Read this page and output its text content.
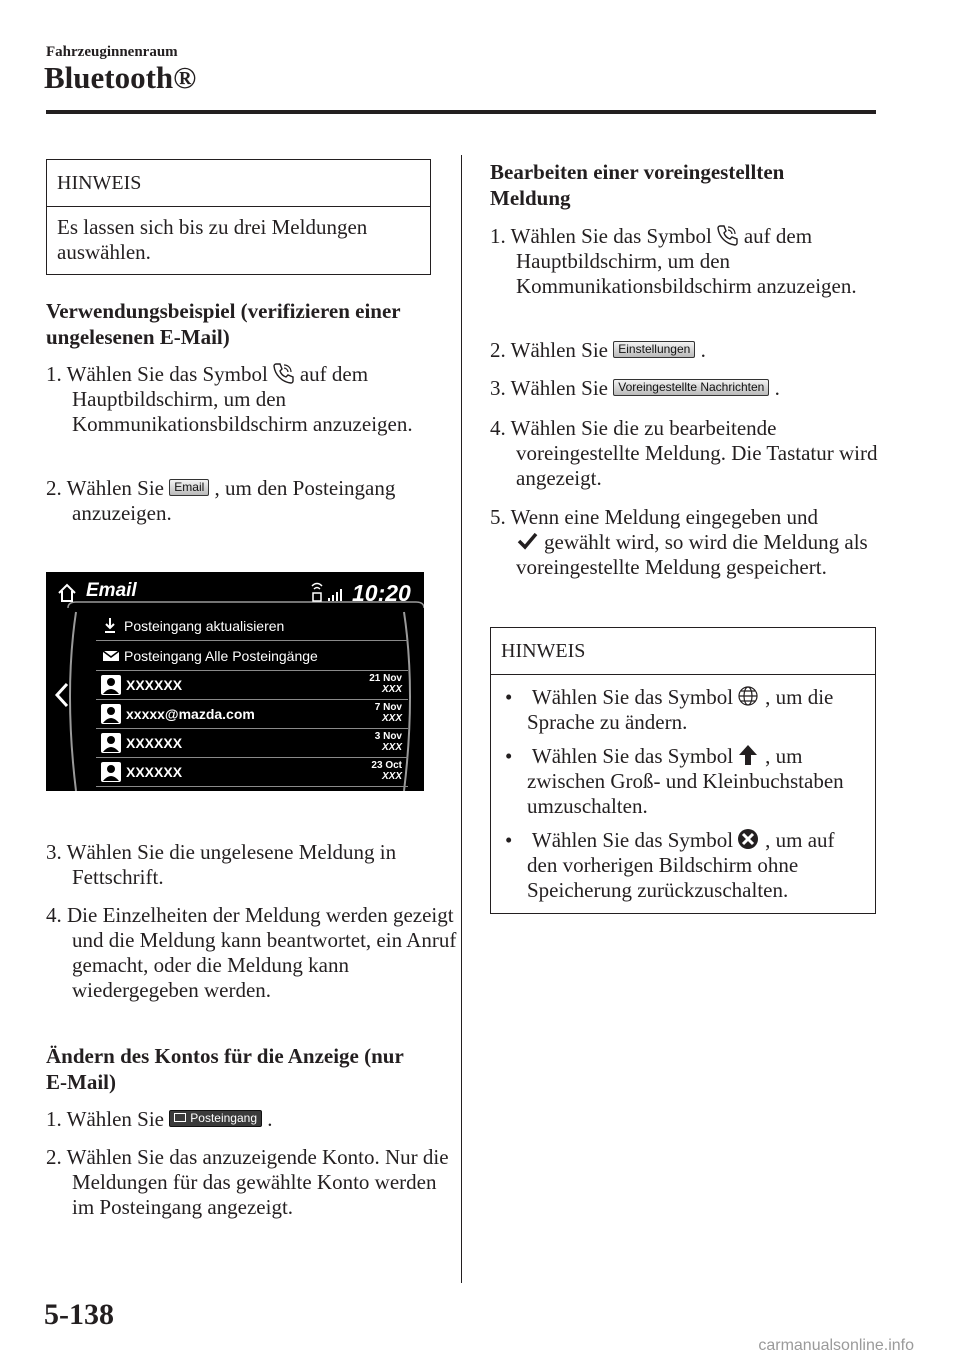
Fahrzeuginnenraum
Bluetooth®
HINWEIS
Es lassen sich bis zu drei Meldungen auswählen.
Verwendungsbeispiel (verifizieren einer ungelesenen E-Mail)
1. Wählen Sie das Symbol auf dem Hauptbildschirm, um den Kommunikationsbildschirm anzuzeigen.
2. Wählen Sie Email , um den Posteingang anzuzeigen.
Email	10:20
Posteingang aktualisieren
Posteingang Alle Posteingänge
XXXXXX	21 Nov
XXX
xxxxx@mazda.com	7 Nov
XXX
XXXXXX	3 Nov
XXX
XXXXXX	23 Oct
XXX
3. Wählen Sie die ungelesene Meldung in Fettschrift.
4. Die Einzelheiten der Meldung werden gezeigt und die Meldung kann beantwortet, ein Anruf gemacht, oder die Meldung kann wiedergegeben werden.
Ändern des Kontos für die Anzeige (nur E-Mail)
1. Wählen Sie Posteingang .
2. Wählen Sie das anzuzeigende Konto. Nur die Meldungen für das gewählte Konto werden im Posteingang angezeigt.
Bearbeiten einer voreingestellten Meldung
1. Wählen Sie das Symbol auf dem Hauptbildschirm, um den Kommunikationsbildschirm anzuzeigen.
2. Wählen Sie Einstellungen .
3. Wählen Sie Voreingestellte Nachrichten .
4. Wählen Sie die zu bearbeitende voreingestellte Meldung. Die Tastatur wird angezeigt.
5. Wenn eine Meldung eingegeben und
gewählt wird, so wird die Meldung als voreingestellte Meldung gespeichert.
HINWEIS
• Wählen Sie das Symbol , um die Sprache zu ändern.
• Wählen Sie das Symbol , um zwischen Groß- und Kleinbuchstaben umzuschalten.
• Wählen Sie das Symbol , um auf den vorherigen Bildschirm ohne Speicherung zurückzuschalten.
5-138
carmanualsonline.info
